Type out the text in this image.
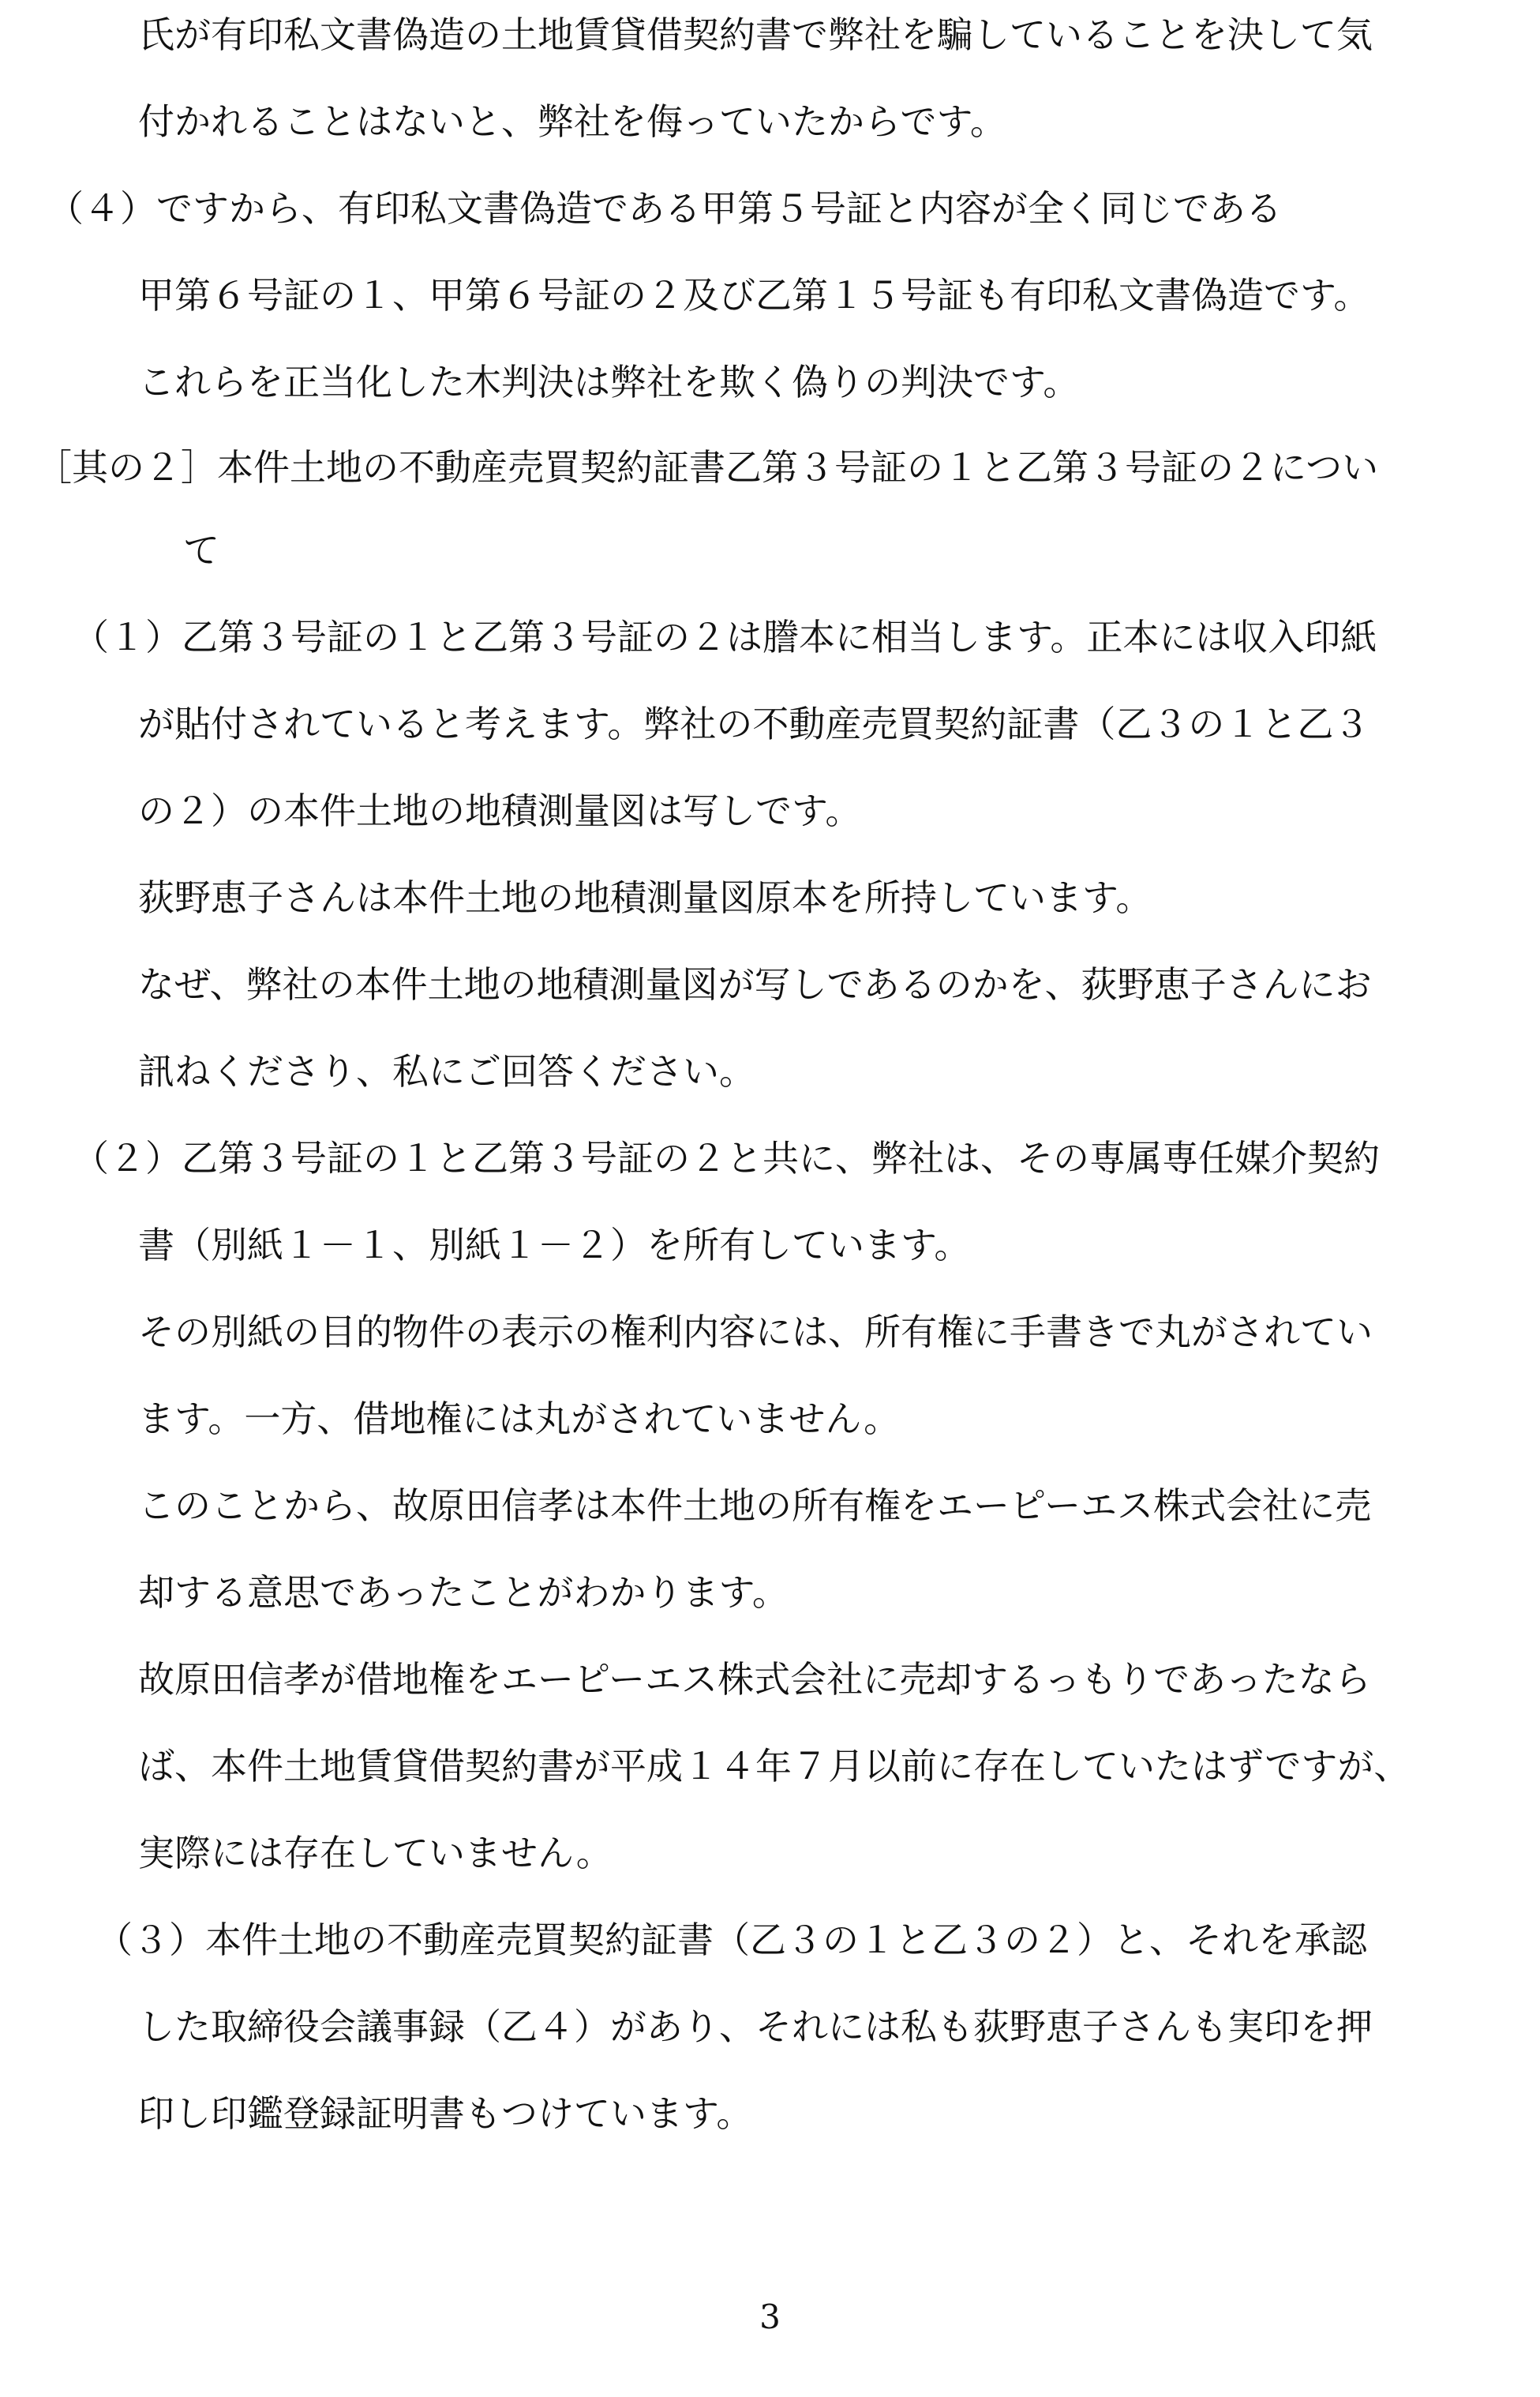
氏が有印私文書偽造の土地賃貸借契約書で弊社を騙していることを決して気
付かれることはないと、弊社を侮っていたからです。
（４）ですから、有印私文書偽造である甲第５号証と内容が全く同じである
甲第６号証の１、甲第６号証の２及び乙第１５号証も有印私文書偽造です。
これらを正当化した木判決は弊社を欺く偽りの判決です。
［其の２］本件土地の不動産売買契約証書乙第３号証の１と乙第３号証の２につい
て
（１）乙第３号証の１と乙第３号証の２は謄本に相当します。正本には収入印紙
が貼付されていると考えます。弊社の不動産売買契約証書（乙３の１と乙３
の２）の本件土地の地積測量図は写しです。
荻野恵子さんは本件土地の地積測量図原本を所持しています。
なぜ、弊社の本件土地の地積測量図が写しであるのかを、荻野恵子さんにお
訊ねくださり、私にご回答ください。
（２）乙第３号証の１と乙第３号証の２と共に、弊社は、その専属専任媒介契約
書（別紙１－１、別紙１－２）を所有しています。
その別紙の目的物件の表示の権利内容には、所有権に手書きで丸がされてい
ます。一方、借地権には丸がされていません。
このことから、故原田信孝は本件土地の所有権をエーピーエス株式会社に売
却する意思であったことがわかります。
故原田信孝が借地権をエーピーエス株式会社に売却するっもりであったなら
ば、本件土地賃貸借契約書が平成１４年７月以前に存在していたはずですが、
実際には存在していません。
（３）本件土地の不動産売買契約証書（乙３の１と乙３の２）と、それを承認
した取締役会議事録（乙４）があり、それには私も荻野恵子さんも実印を押
印し印鑑登録証明書もつけています。
3
